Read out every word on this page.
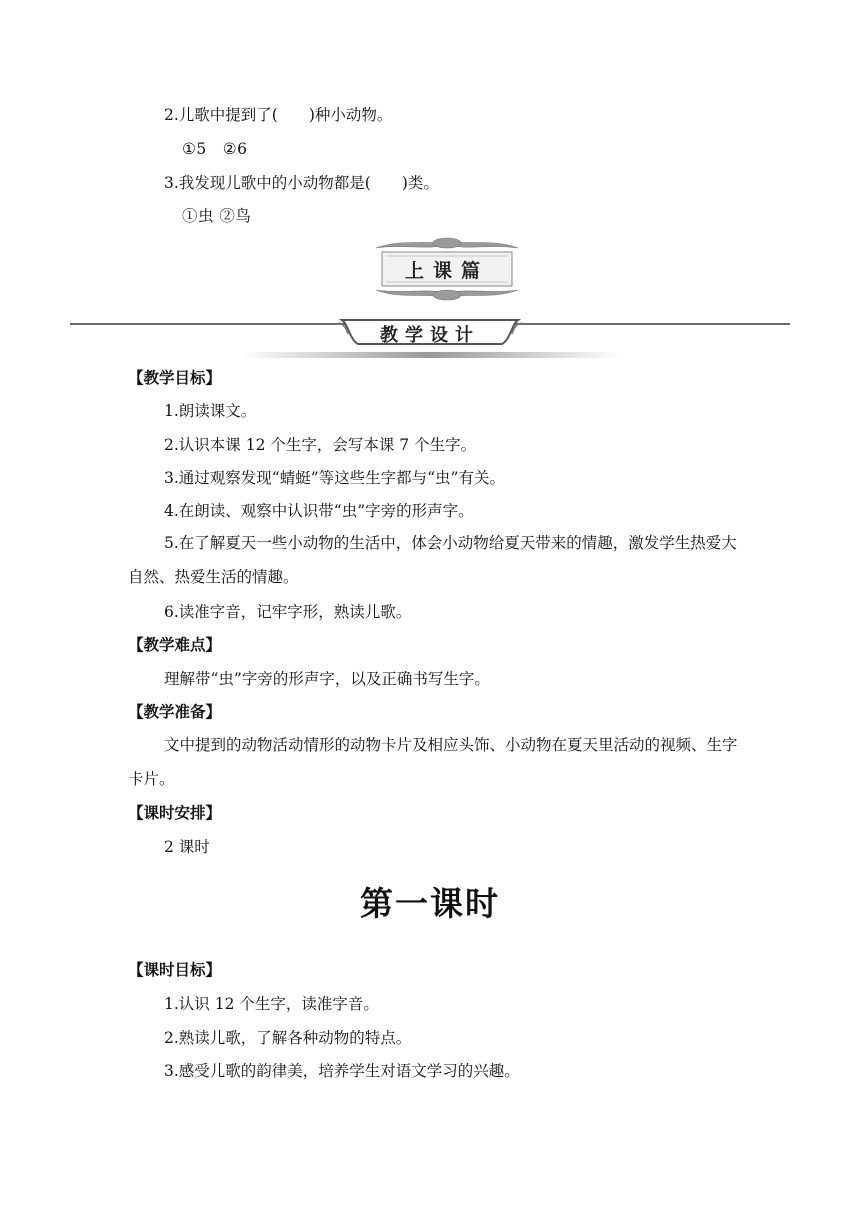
2.儿歌中提到了(　　)种小动物。
①5　②6
3.我发现儿歌中的小动物都是(　　)类。
①虫 ②鸟
上课篇
教学设计
【教学目标】
1.朗读课文。
2.认识本课 12 个生字，会写本课 7 个生字。
3.通过观察发现“蜻蜓”等这些生字都与“虫”有关。
4.在朗读、观察中认识带“虫”字旁的形声字。
5.在了解夏天一些小动物的生活中，体会小动物给夏天带来的情趣，激发学生热爱大自然、热爱生活的情趣。
6.读准字音，记牢字形，熟读儿歌。
【教学难点】
理解带“虫”字旁的形声字，以及正确书写生字。
【教学准备】
文中提到的动物活动情形的动物卡片及相应头饰、小动物在夏天里活动的视频、生字卡片。
【课时安排】
2 课时
第一课时
【课时目标】
1.认识 12 个生字，读准字音。
2.熟读儿歌，了解各种动物的特点。
3.感受儿歌的韵律美，培养学生对语文学习的兴趣。
